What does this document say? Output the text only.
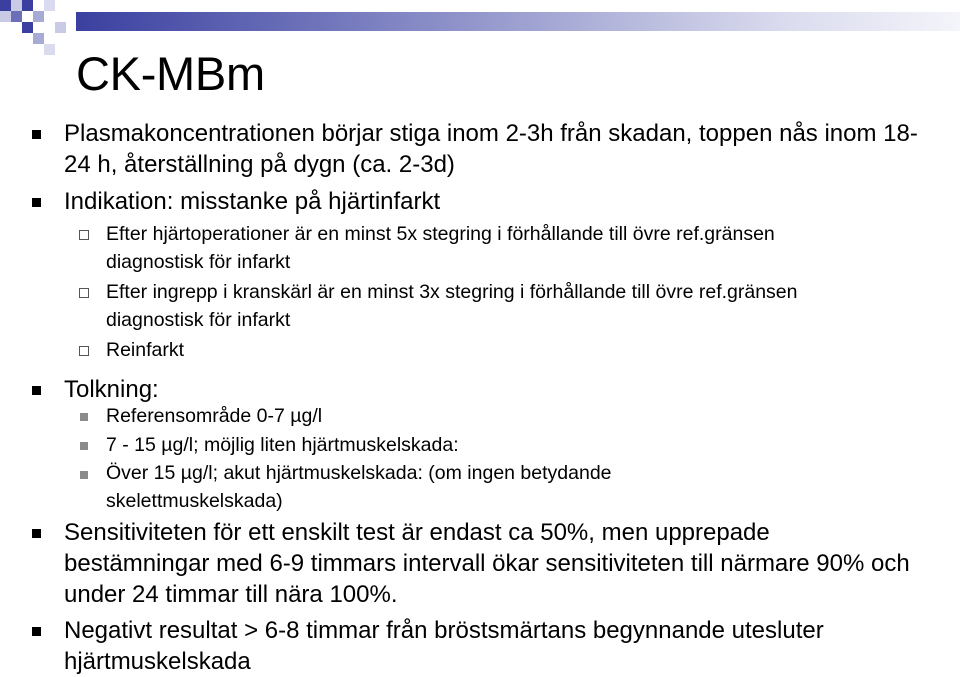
CK-MBm

Plasmakoncentrationen börjar stiga inom 2-3h från skadan, toppen nås inom 18-24 h, återställning på dygn (ca. 2-3d)

Indikation: misstanke på hjärtinfarkt

Efter hjärtoperationer är en minst 5x stegring i förhållande till övre ref.gränsen diagnostisk för infarkt

Efter ingrepp i kranskärl är en minst 3x stegring i förhållande till övre ref.gränsen diagnostisk för infarkt

Reinfarkt

Tolkning:

Referensområde 0-7 µg/l

7 - 15 µg/l; möjlig liten hjärtmuskelskada:

Över 15 µg/l; akut hjärtmuskelskada: (om ingen betydande skelettmuskelskada)

Sensitiviteten för ett enskilt test är endast ca 50%, men upprepade bestämningar med 6-9 timmars intervall ökar sensitiviteten till närmare 90% och under 24 timmar till nära 100%.

Negativt resultat > 6-8 timmar från bröstsmärtans begynnande utesluter hjärtmuskelskada
